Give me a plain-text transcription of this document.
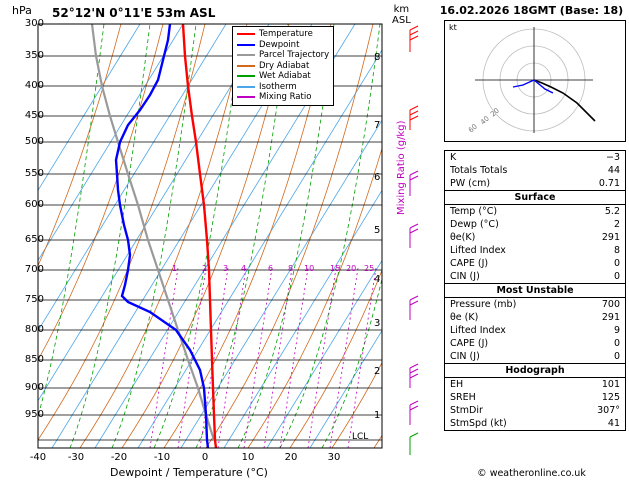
hPa 52°12'N 0°11'E 53m ASL	km
ASL
300
350
400
450
500
550
600
650
700
750
800
850
900
950
8
7
6
5
4
3
2
1
-40	-30	-20	-10	0	10	20	30
Dewpoint / Temperature (°C)
1	2 3 4	6 8 10 15 20 25
Mixing Ratio (g/kg)
LCL
Temperature
Dewpoint
Parcel Trajectory
Dry Adiabat
Wet Adiabat
Isotherm
Mixing Ratio
16.02.2026 18GMT (Base: 18)
kt
20
40
60
K	−3
Totals Totals	44
PW (cm)	0.71
Surface
Temp (°C)	5.2
Dewp (°C)	2
θe(K)	291
Lifted Index	8
CAPE (J)	0
CIN (J)	0
Most Unstable
Pressure (mb)	700
θe (K)	291
Lifted Index	9
CAPE (J)	0
CIN (J)	0
Hodograph
EH	101
SREH	125
StmDir	307°
StmSpd (kt)	41
© weatheronline.co.uk
